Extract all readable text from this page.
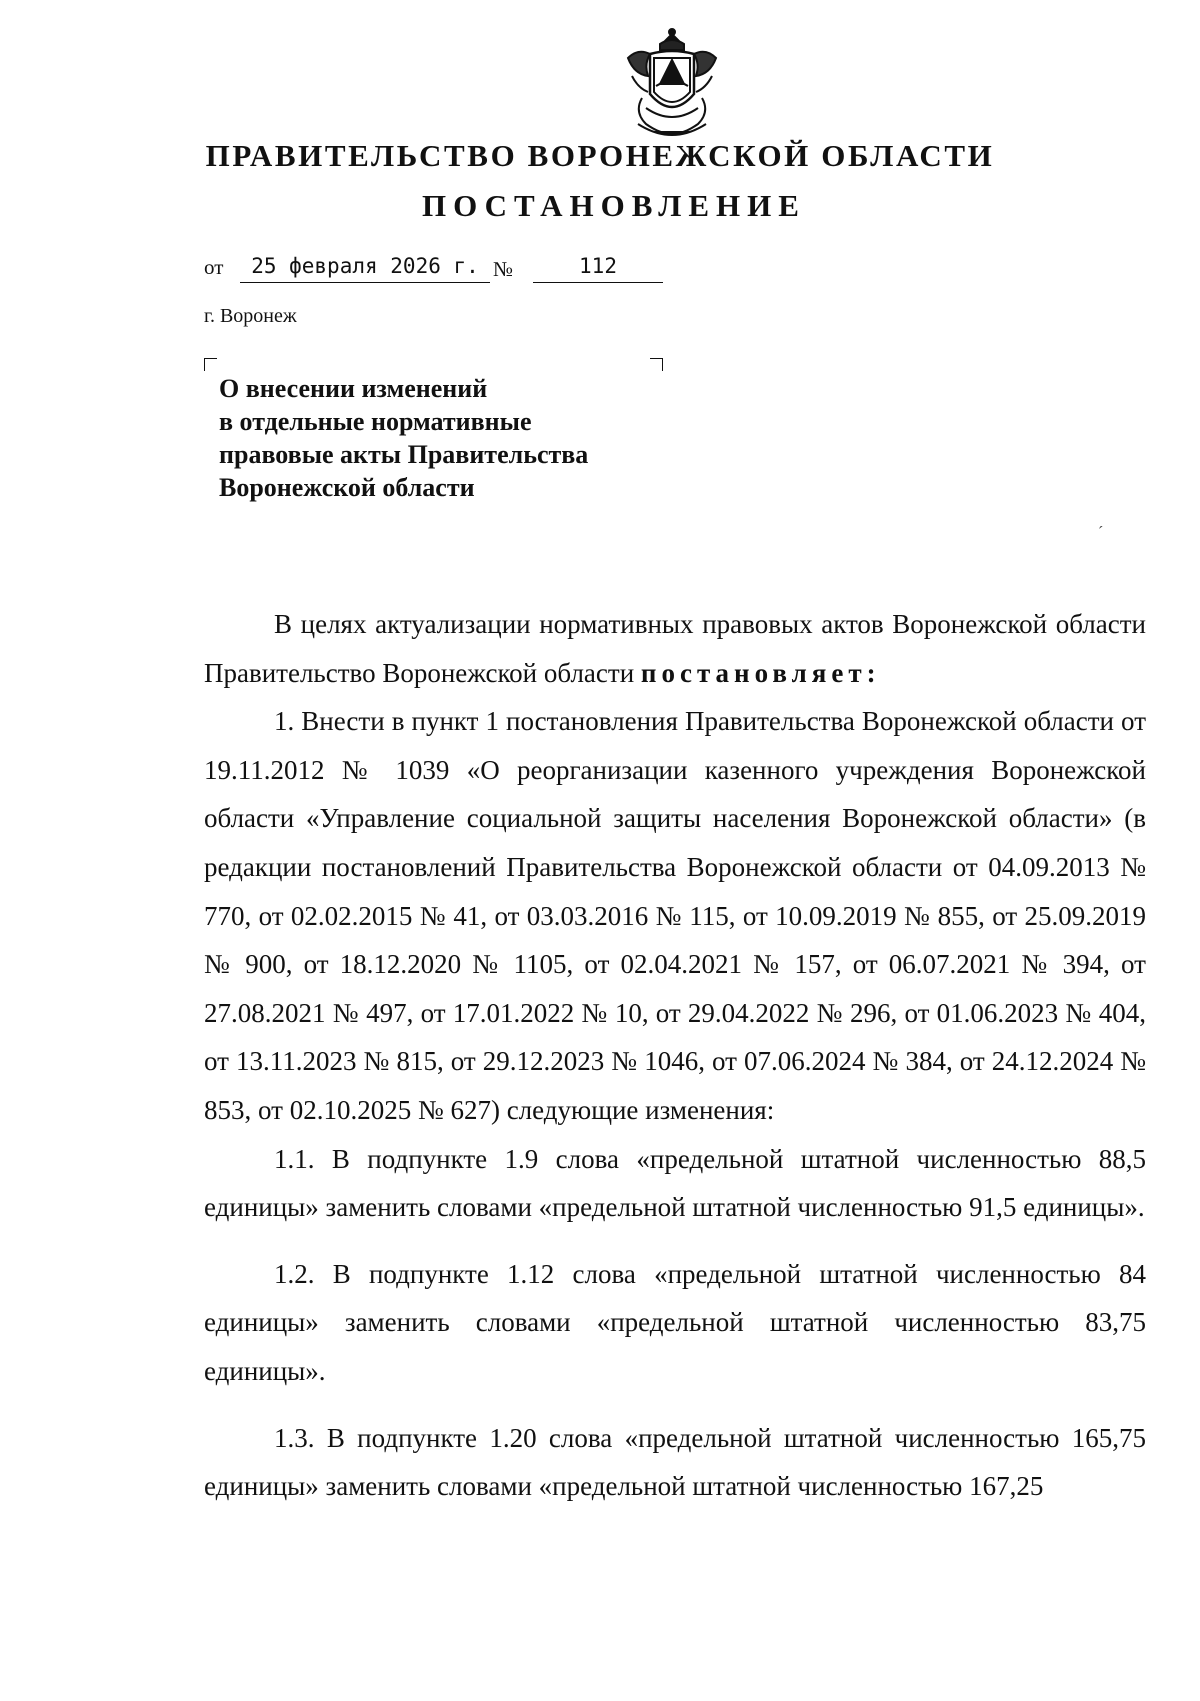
ПРАВИТЕЛЬСТВО ВОРОНЕЖСКОЙ ОБЛАСТИ
ПОСТАНОВЛЕНИЕ
от	25 февраля 2026 г. №	112
г. Воронеж
О внесении изменений
в отдельные нормативные
правовые акты Правительства
Воронежской области
ˊ

В целях актуализации нормативных правовых актов Воронежской области Правительство Воронежской области постановляет:

1. Внести в пункт 1 постановления Правительства Воронежской области от 19.11.2012 № 1039 «О реорганизации казенного учреждения Воронежской области «Управление социальной защиты населения Воронежской области» (в редакции постановлений Правительства Воронежской области от 04.09.2013 № 770, от 02.02.2015 № 41, от 03.03.2016 № 115, от 10.09.2019 № 855, от 25.09.2019 № 900, от 18.12.2020 № 1105, от 02.04.2021 № 157, от 06.07.2021 № 394, от 27.08.2021 № 497, от 17.01.2022 № 10, от 29.04.2022 № 296, от 01.06.2023 № 404, от 13.11.2023 № 815, от 29.12.2023 № 1046, от 07.06.2024 № 384, от 24.12.2024 № 853, от 02.10.2025 № 627) следующие изменения:

1.1. В подпункте 1.9 слова «предельной штатной численностью 88,5 единицы» заменить словами «предельной штатной численностью 91,5 единицы».

1.2. В подпункте 1.12 слова «предельной штатной численностью 84 единицы» заменить словами «предельной штатной численностью 83,75 единицы».

1.3. В подпункте 1.20 слова «предельной штатной численностью 165,75 единицы» заменить словами «предельной штатной численностью 167,25
